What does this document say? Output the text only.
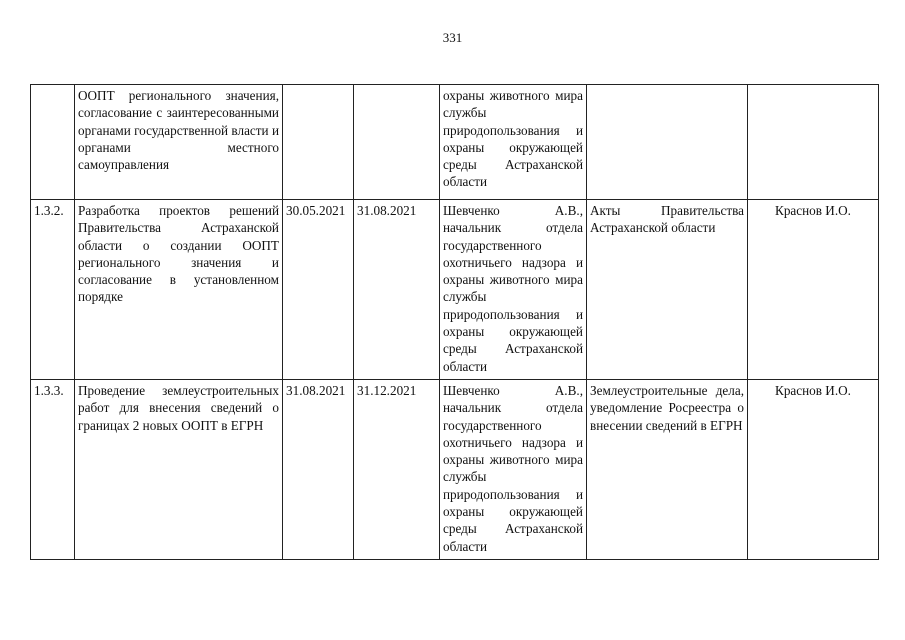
331
	ООПТ регионального значения, согласование с заинтересованными органами государственной власти и органами местного самоуправления			охраны животного мира службы природопользования и охраны окружающей среды Астраханской области		
1.3.2.	Разработка проектов решений Правительства Астраханской области о создании ООПТ регионального значения и согласование в установленном порядке	30.05.2021	31.08.2021	Шевченко А.В., начальник отдела государственного охотничьего надзора и охраны животного мира службы природопользования и охраны окружающей среды Астраханской области	Акты Правительства Астраханской области	Краснов И.О.
1.3.3.	Проведение землеустроительных работ для внесения сведений о границах 2 новых ООПТ в ЕГРН	31.08.2021	31.12.2021	Шевченко А.В., начальник отдела государственного охотничьего надзора и охраны животного мира службы природопользования и охраны окружающей среды Астраханской области	Землеустроительные дела, уведомление Росреестра о внесении сведений в ЕГРН	Краснов И.О.
